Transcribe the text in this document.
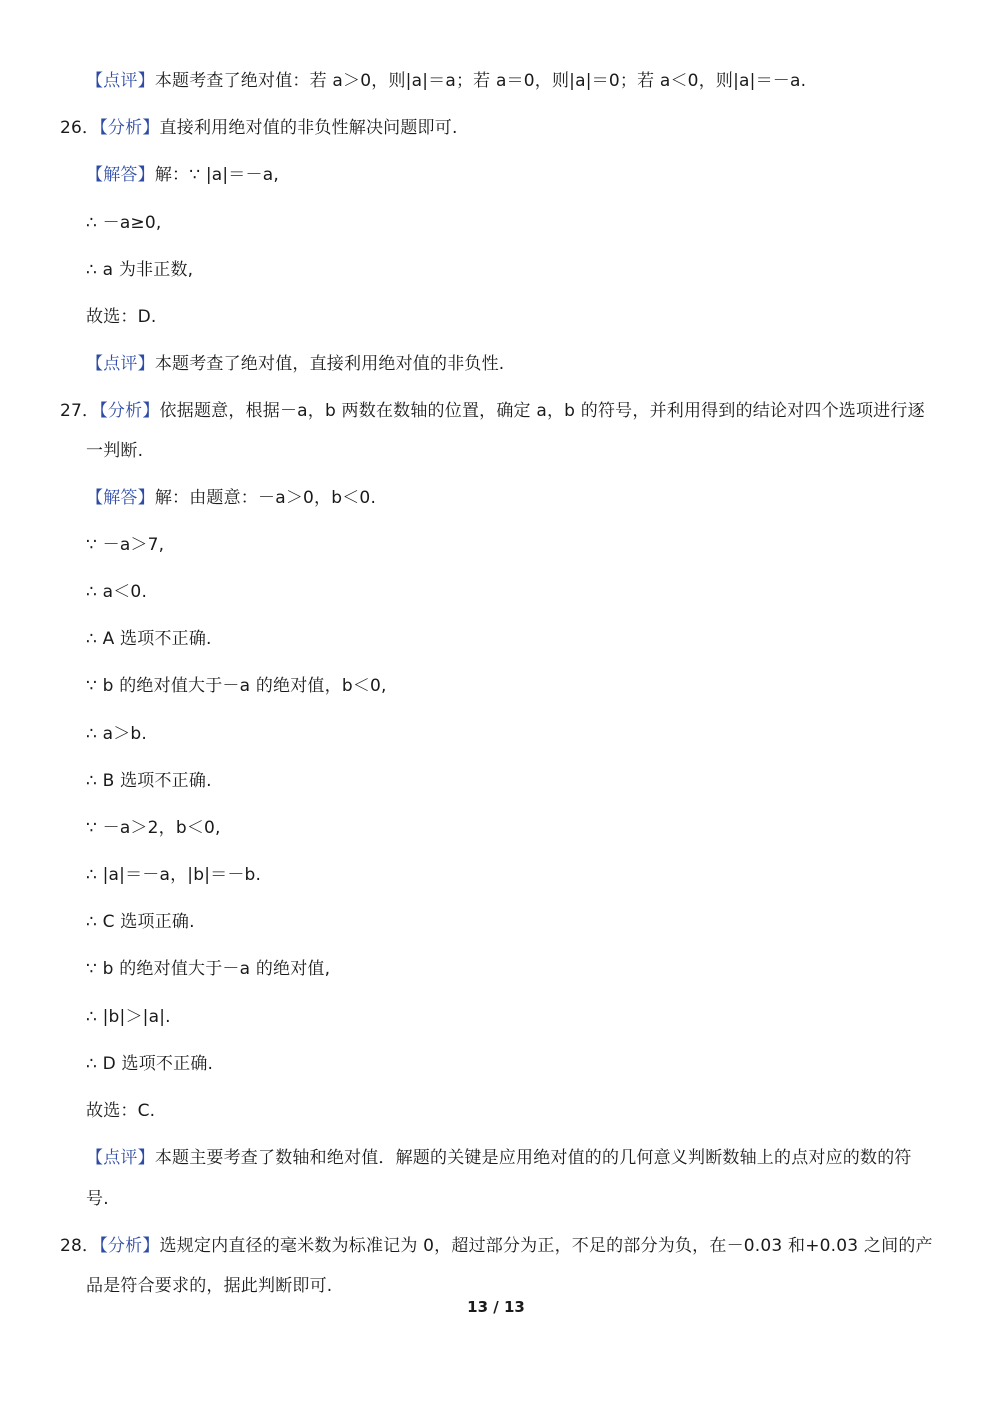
【点评】本题考查了绝对值：若 a＞0，则|a|＝a；若 a＝0，则|a|＝0；若 a＜0，则|a|＝－a.
26．【分析】直接利用绝对值的非负性解决问题即可.
【解答】解：∵ |a|＝－a,
∴ －a≥0,
∴ a 为非正数,
故选：D.
【点评】本题考查了绝对值，直接利用绝对值的非负性.
27．【分析】依据题意，根据－a，b 两数在数轴的位置，确定 a，b 的符号，并利用得到的结论对四个选项进行逐
一判断.
【解答】解：由题意：－a＞0，b＜0.
∵ －a＞7,
∴ a＜0.
∴ A 选项不正确.
∵ b 的绝对值大于－a 的绝对值，b＜0,
∴ a＞b.
∴ B 选项不正确.
∵ －a＞2，b＜0,
∴ |a|＝－a，|b|＝－b.
∴ C 选项正确.
∵ b 的绝对值大于－a 的绝对值,
∴ |b|＞|a|.
∴ D 选项不正确.
故选：C.
【点评】本题主要考查了数轴和绝对值．解题的关键是应用绝对值的的几何意义判断数轴上的点对应的数的符
号.
28．【分析】选规定内直径的毫米数为标准记为 0，超过部分为正，不足的部分为负，在－0.03 和+0.03 之间的产
品是符合要求的，据此判断即可.
13 / 13
